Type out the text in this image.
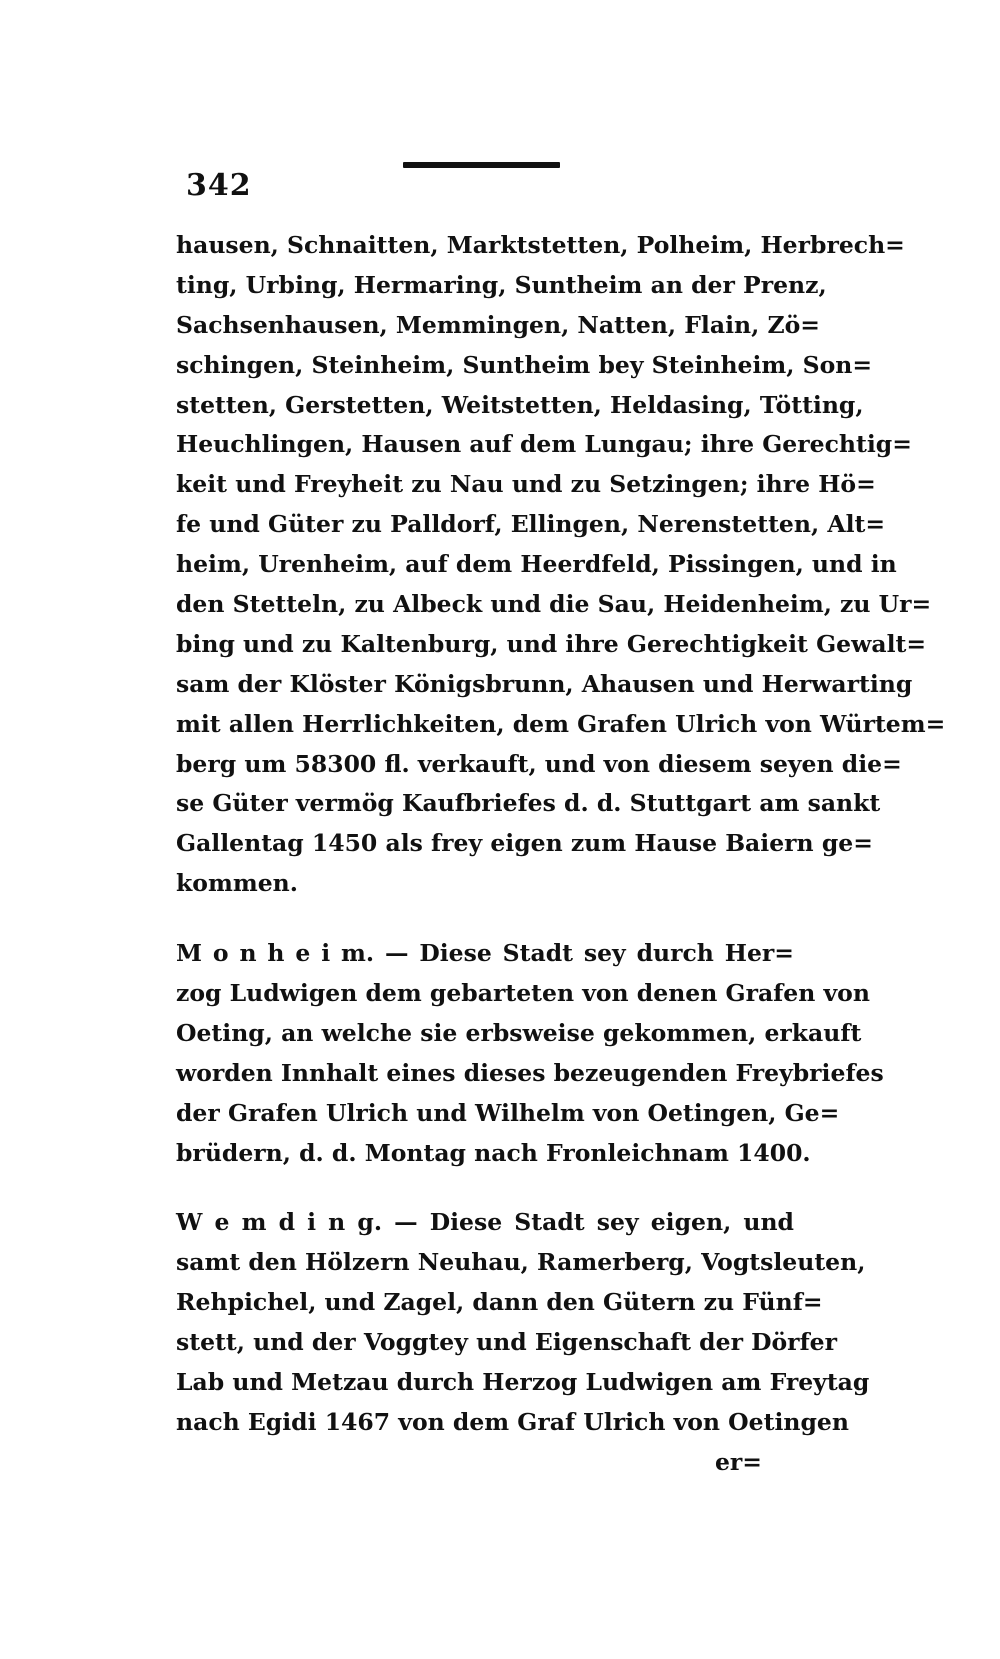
342
hausen, Schnaitten, Marktstetten, Polheim, Herbrech=
ting, Urbing, Hermaring, Suntheim an der Prenz,
Sachsenhausen, Memmingen, Natten, Flain, Zö=
schingen, Steinheim, Suntheim bey Steinheim, Son=
stetten, Gerstetten, Weitstetten, Heldasing, Tötting,
Heuchlingen, Hausen auf dem Lungau; ihre Gerechtig=
keit und Freyheit zu Nau und zu Setzingen; ihre Hö=
fe und Güter zu Palldorf, Ellingen, Nerenstetten, Alt=
heim, Urenheim, auf dem Heerdfeld, Pissingen, und in
den Stetteln, zu Albeck und die Sau, Heidenheim, zu Ur=
bing und zu Kaltenburg, und ihre Gerechtigkeit Gewalt=
sam der Klöster Königsbrunn, Ahausen und Herwarting
mit allen Herrlichkeiten, dem Grafen Ulrich von Würtem=
berg um 58300 fl. verkauft, und von diesem seyen die=
se Güter vermög Kaufbriefes d. d. Stuttgart am sankt
Gallentag 1450 als frey eigen zum Hause Baiern ge=
kommen.
M o n h e i m. — Diese Stadt sey durch Her=
zog Ludwigen dem gebarteten von denen Grafen von
Oeting, an welche sie erbsweise gekommen, erkauft
worden Innhalt eines dieses bezeugenden Freybriefes
der Grafen Ulrich und Wilhelm von Oetingen, Ge=
brüdern, d. d. Montag nach Fronleichnam 1400.
W e m d i n g. — Diese Stadt sey eigen, und
samt den Hölzern Neuhau, Ramerberg, Vogtsleuten,
Rehpichel, und Zagel, dann den Gütern zu Fünf=
stett, und der Voggtey und Eigenschaft der Dörfer
Lab und Metzau durch Herzog Ludwigen am Freytag
nach Egidi 1467 von dem Graf Ulrich von Oetingen
er=
